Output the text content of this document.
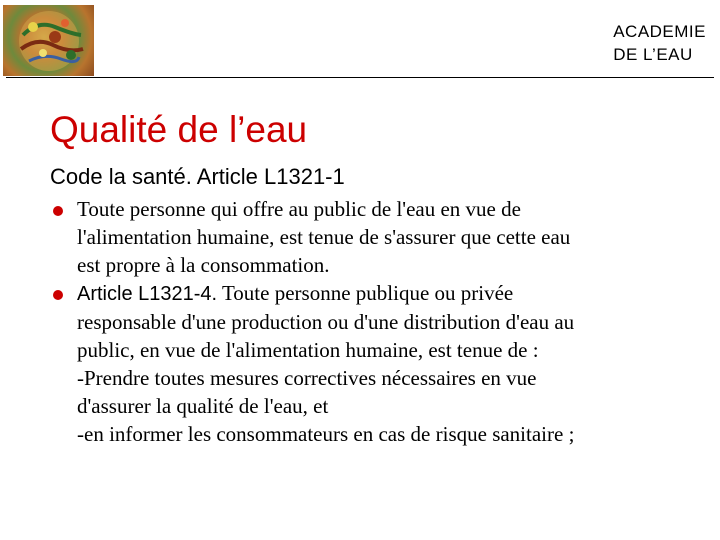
ACADEMIE
DE L’EAU
Qualité de l’eau

Code la santé. Article L1321-1

Toute personne qui offre au public de l'eau en vue de
l'alimentation humaine, est tenue de s'assurer que cette eau
est propre à la consommation.
Article L1321-4. Toute personne publique ou privée
responsable d'une production ou d'une distribution d'eau au
public, en vue de l'alimentation humaine, est tenue de :
-Prendre toutes mesures correctives nécessaires en vue
d'assurer la qualité de l'eau, et
-en informer les consommateurs en cas de risque sanitaire ;
